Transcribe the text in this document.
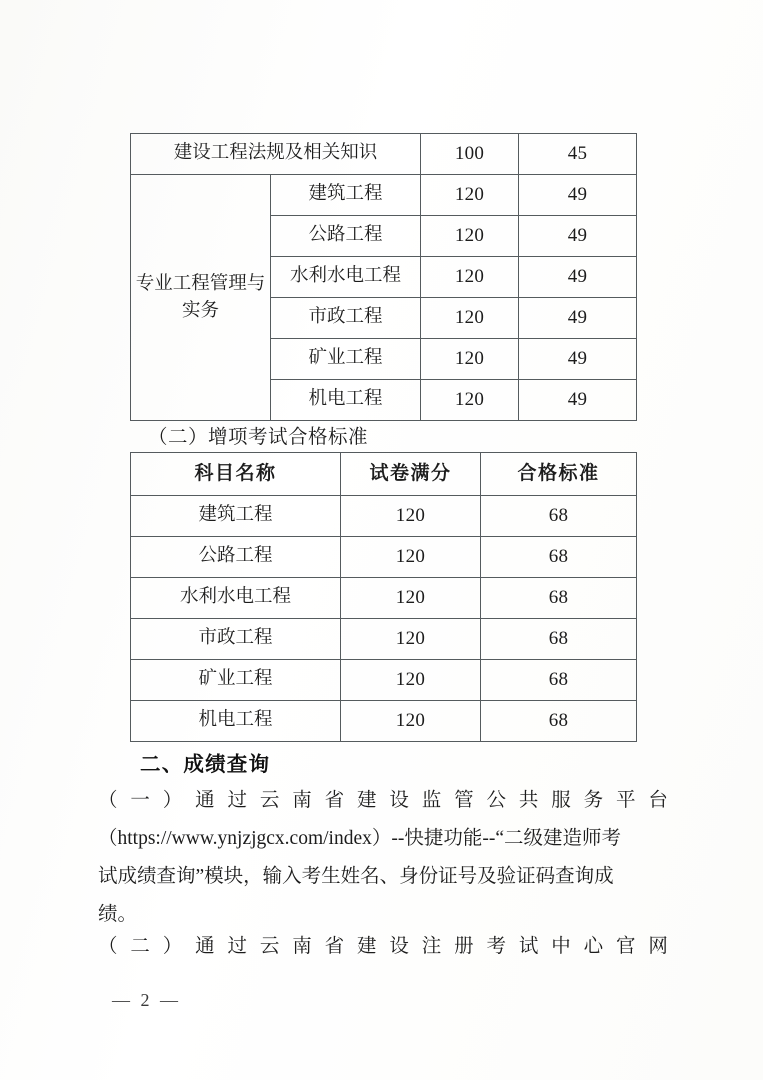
建设工程法规及相关知识		100	45
专业工程管理与实务	建筑工程	120	49
	公路工程	120	49
	水利水电工程	120	49
	市政工程	120	49
	矿业工程	120	49
	机电工程	120	49
（二）增项考试合格标准
科目名称	试卷满分	合格标准
建筑工程	120	68
公路工程	120	68
水利水电工程	120	68
市政工程	120	68
矿业工程	120	68
机电工程	120	68
二、成绩查询
（ 一 ） 通 过 云 南 省 建 设 监 管 公 共 服 务 平 台
（https://www.ynjzjgcx.com/index）--快捷功能--“二级建造师考
试成绩查询”模块，输入考生姓名、身份证号及验证码查询成
绩。
（ 二 ） 通 过 云 南 省 建 设 注 册 考 试 中 心 官 网
— 2 —
